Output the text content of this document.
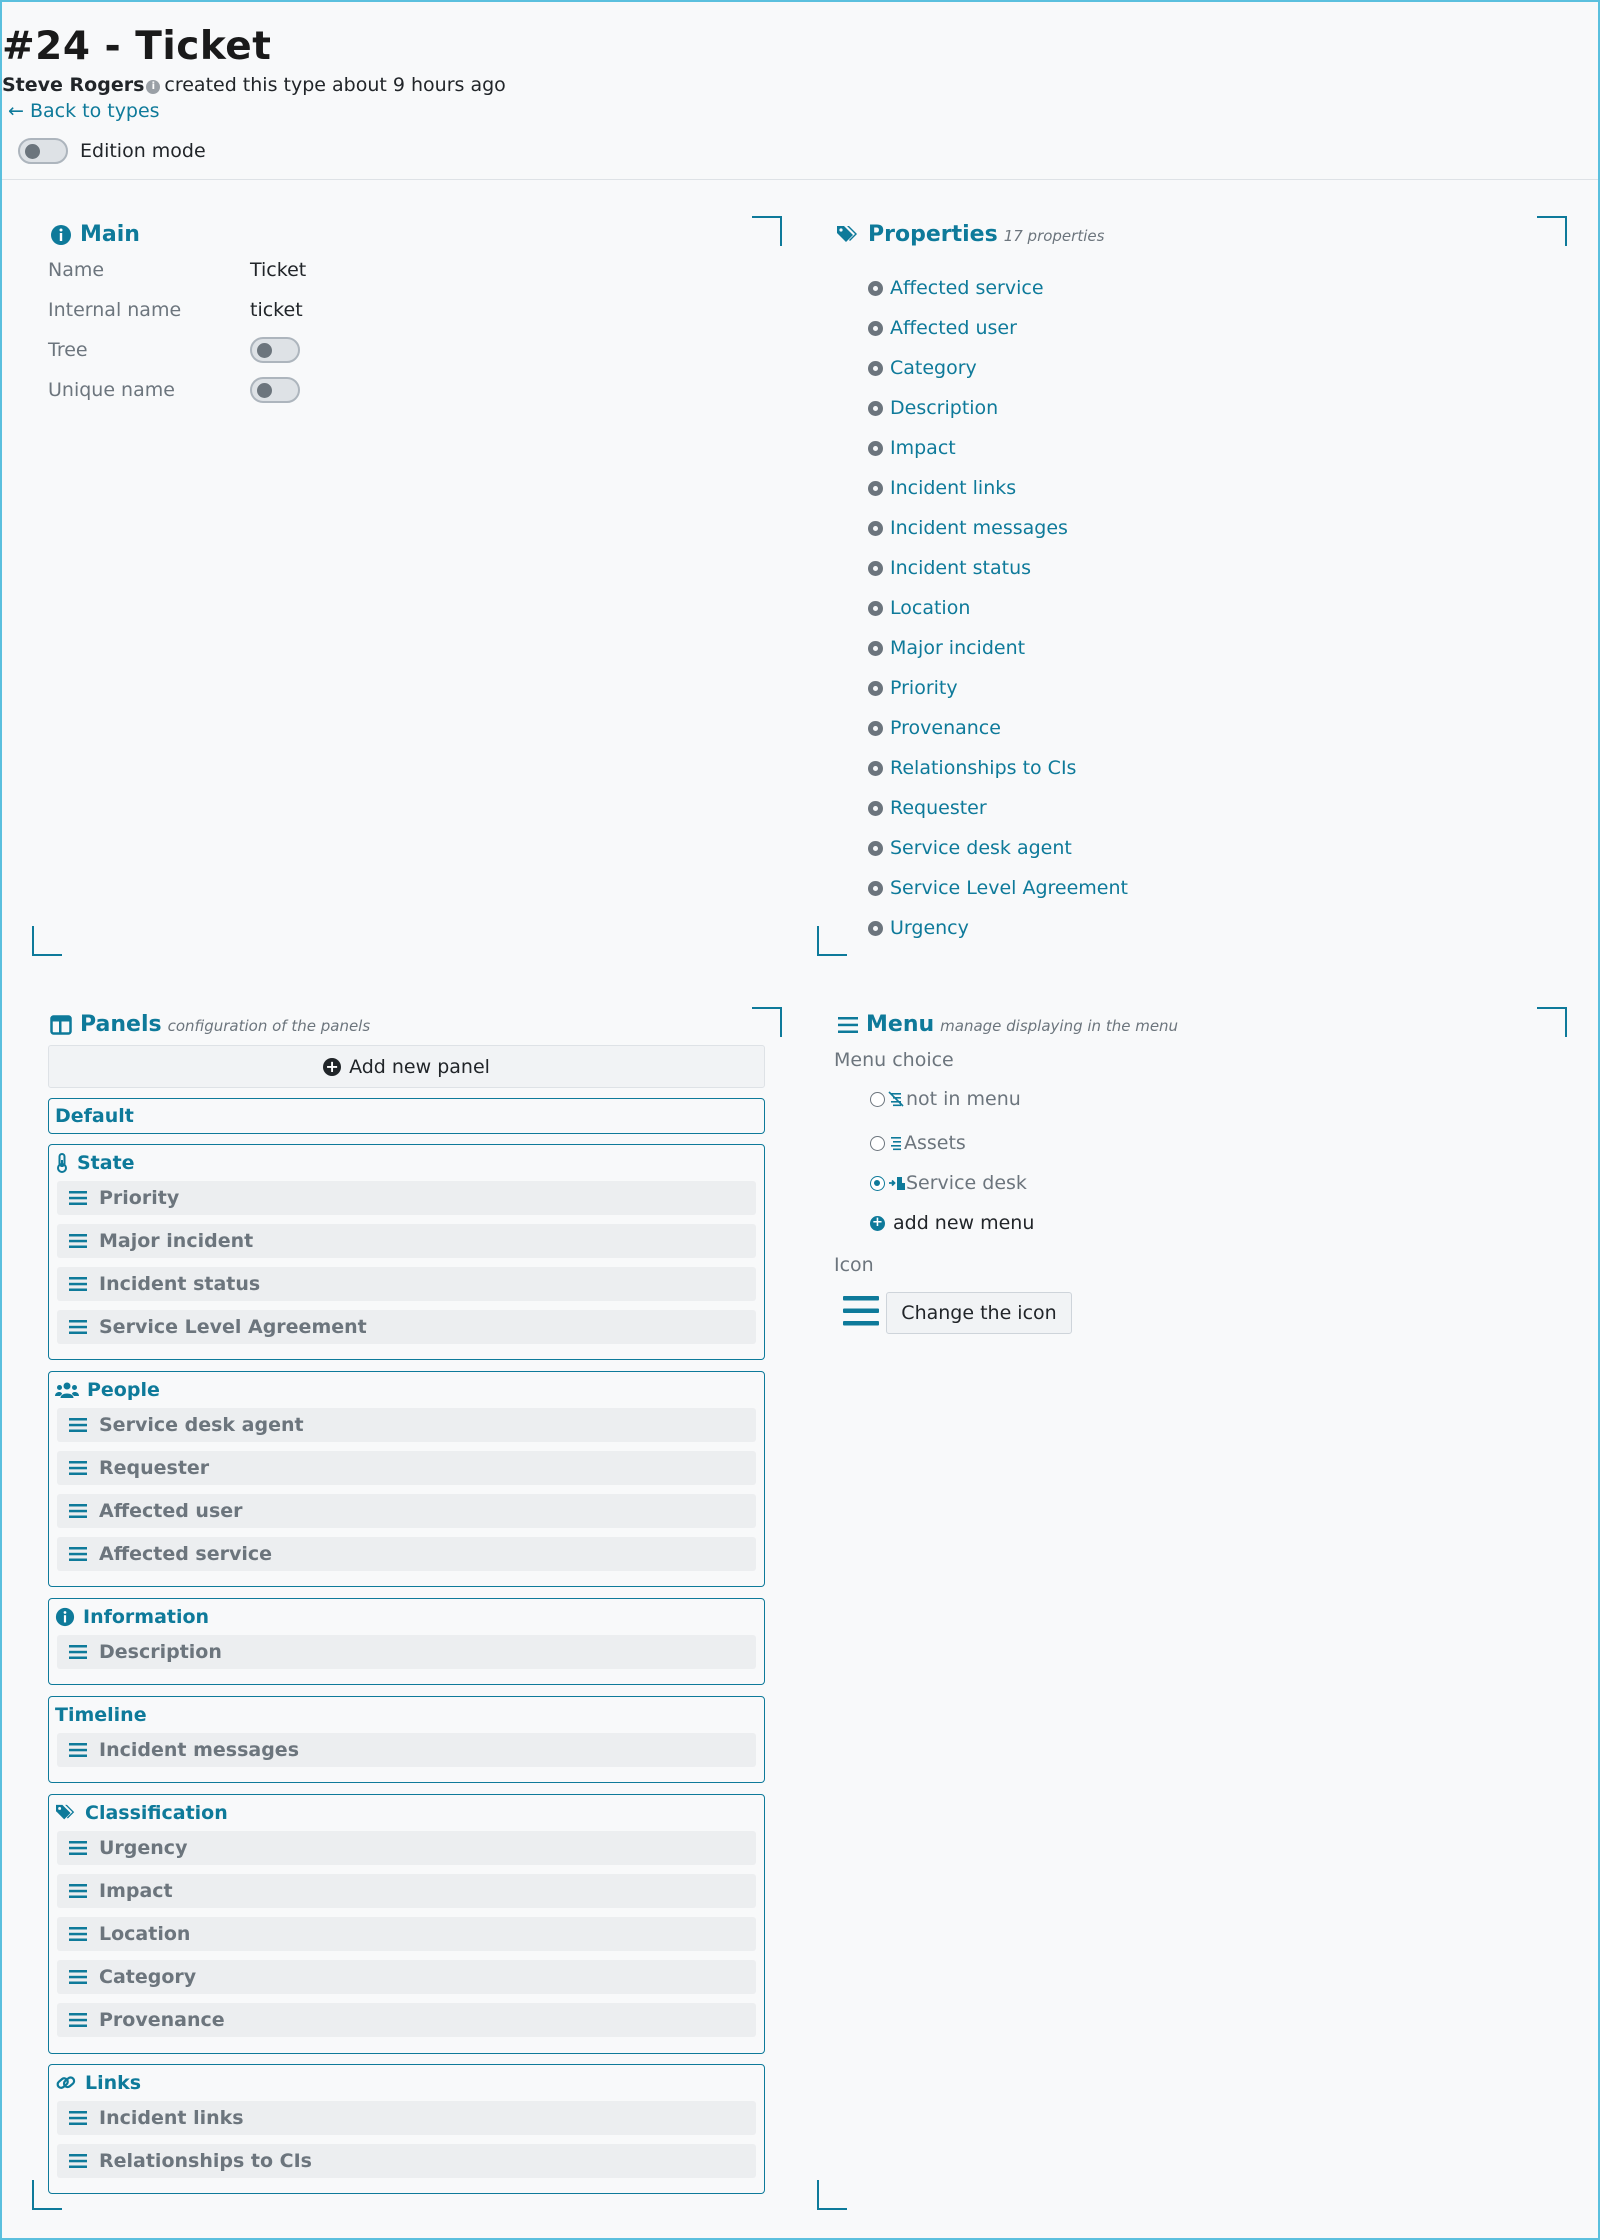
#24 - Ticket
Steve Rogers i created this type about 9 hours ago
← Back to types
Edition mode
Main
Name	Ticket
Internal name	ticket
Tree
Unique name
Properties 17 properties
Affected service
Affected user
Category
Description
Impact
Incident links
Incident messages
Incident status
Location
Major incident
Priority
Provenance
Relationships to CIs
Requester
Service desk agent
Service Level Agreement
Urgency
Panels configuration of the panels
+ Add new panel
Default
State
Priority
Major incident
Incident status
Service Level Agreement
People
Service desk agent
Requester
Affected user
Affected service
Information
Description
Timeline
Incident messages
Classification
Urgency
Impact
Location
Category
Provenance
Links
Incident links
Relationships to CIs
Menu manage displaying in the menu
Menu choice
not in menu
Assets
Service desk
+ add new menu
Icon
Change the icon
